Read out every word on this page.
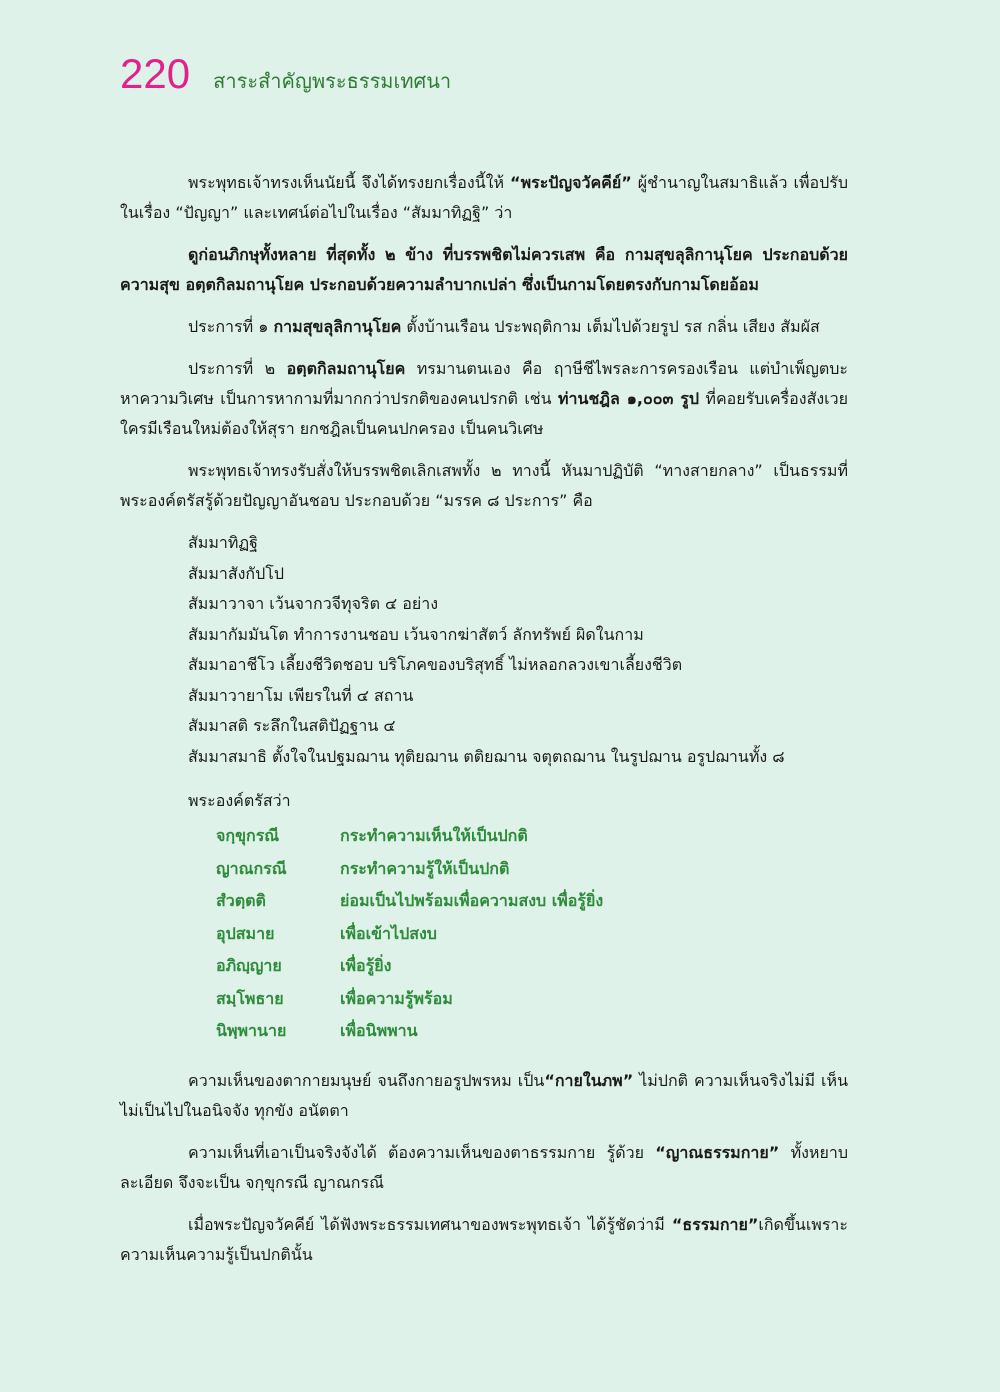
220 สาระสำคัญพระธรรมเทศนา

พระพุทธเจ้าทรงเห็นนัยนี้ จึงได้ทรงยกเรื่องนี้ให้ “พระปัญจวัคคีย์” ผู้ชำนาญในสมาธิแล้ว เพื่อปรับในเรื่อง “ปัญญา” และเทศน์ต่อไปในเรื่อง “สัมมาทิฏฐิ” ว่า

ดูก่อนภิกษุทั้งหลาย ที่สุดทั้ง ๒ ข้าง ที่บรรพชิตไม่ควรเสพ คือ กามสุขลุลิกานุโยค ประกอบด้วยความสุข อตฺตกิลมถานุโยค ประกอบด้วยความลำบากเปล่า ซึ่งเป็นกามโดยตรงกับกามโดยอ้อม

ประการที่ ๑ กามสุขลุลิกานุโยค ตั้งบ้านเรือน ประพฤติกาม เต็มไปด้วยรูป รส กลิ่น เสียง สัมผัส

ประการที่ ๒ อตฺตกิลมถานุโยค ทรมานตนเอง คือ ฤาษีชีไพรละการครองเรือน แต่บำเพ็ญตบะหาความวิเศษ เป็นการหากามที่มากกว่าปรกติของคนปรกติ เช่น ท่านชฎิล ๑,๐๐๓ รูป ที่คอยรับเครื่องสังเวย ใครมีเรือนใหม่ต้องให้สุรา ยกชฎิลเป็นคนปกครอง เป็นคนวิเศษ

พระพุทธเจ้าทรงรับสั่งให้บรรพชิตเลิกเสพทั้ง ๒ ทางนี้ หันมาปฏิบัติ “ทางสายกลาง” เป็นธรรมที่พระองค์ตรัสรู้ด้วยปัญญาอันชอบ ประกอบด้วย “มรรค ๘ ประการ” คือ

สัมมาทิฏฐิ
สัมมาสังกัปโป
สัมมาวาจา เว้นจากวจีทุจริต ๔ อย่าง
สัมมากัมมันโต ทำการงานชอบ เว้นจากฆ่าสัตว์ ลักทรัพย์ ผิดในกาม
สัมมาอาชีโว เลี้ยงชีวิตชอบ บริโภคของบริสุทธิ์ ไม่หลอกลวงเขาเลี้ยงชีวิต
สัมมาวายาโม เพียรในที่ ๔ สถาน
สัมมาสติ ระลึกในสติปัฏฐาน ๔
สัมมาสมาธิ ตั้งใจในปฐมฌาน ทุติยฌาน ตติยฌาน จตุตถฌาน ในรูปฌาน อรูปฌานทั้ง ๘
พระองค์ตรัสว่า
จกฺขุกรณี	กระทำความเห็นให้เป็นปกติ
ญาณกรณี	กระทำความรู้ให้เป็นปกติ
สํวตฺตติ	ย่อมเป็นไปพร้อมเพื่อความสงบ เพื่อรู้ยิ่ง
อุปสมาย	เพื่อเข้าไปสงบ
อภิญฺญาย	เพื่อรู้ยิ่ง
สมฺโพธาย	เพื่อความรู้พร้อม
นิพฺพานาย	เพื่อนิพพาน

ความเห็นของตากายมนุษย์ จนถึงกายอรูปพรหม เป็น“กายในภพ” ไม่ปกติ ความเห็นจริงไม่มี เห็นไม่เป็นไปในอนิจจัง ทุกขัง อนัตตา

ความเห็นที่เอาเป็นจริงจังได้ ต้องความเห็นของตาธรรมกาย รู้ด้วย “ญาณธรรมกาย” ทั้งหยาบ ละเอียด จึงจะเป็น จกฺขุกรณี ญาณกรณี

เมื่อพระปัญจวัคคีย์ ได้ฟังพระธรรมเทศนาของพระพุทธเจ้า ได้รู้ชัดว่ามี “ธรรมกาย”เกิดขึ้นเพราะความเห็นความรู้เป็นปกตินั้น
